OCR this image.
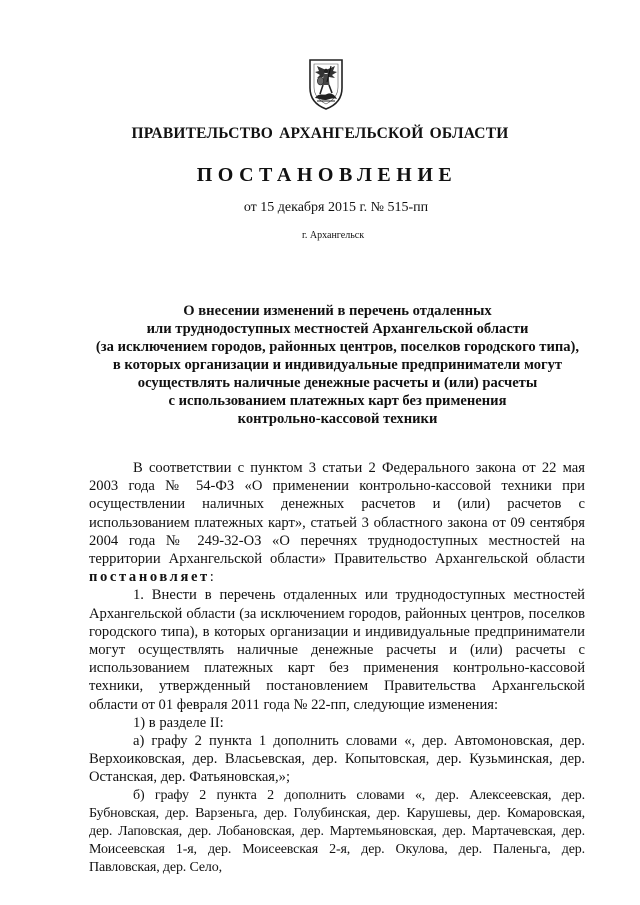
ПРАВИТЕЛЬСТВО АРХАНГЕЛЬСКОЙ ОБЛАСТИ
ПОСТАНОВЛЕНИЕ
от 15 декабря 2015 г. № 515-пп
г. Архангельск
О внесении изменений в перечень отдаленных
или труднодоступных местностей Архангельской области
(за исключением городов, районных центров, поселков городского типа),
в которых организации и индивидуальные предприниматели могут
осуществлять наличные денежные расчеты и (или) расчеты
с использованием платежных карт без применения
контрольно-кассовой техники

В соответствии с пунктом 3 статьи 2 Федерального закона от 22 мая 2003 года № 54-ФЗ «О применении контрольно-кассовой техники при осуществлении наличных денежных расчетов и (или) расчетов с использованием платежных карт», статьей 3 областного закона от 09 сентября 2004 года № 249-32-ОЗ «О перечнях труднодоступных местностей на территории Архангельской области» Правительство Архангельской области постановляет:

1. Внести в перечень отдаленных или труднодоступных местностей Архангельской области (за исключением городов, районных центров, поселков городского типа), в которых организации и индивидуальные предприниматели могут осуществлять наличные денежные расчеты и (или) расчеты с использованием платежных карт без применения контрольно-кассовой техники, утвержденный постановлением Правительства Архангельской области от 01 февраля 2011 года № 22-пп, следующие изменения:

1) в разделе II:

а) графу 2 пункта 1 дополнить словами «, дер. Автомоновская, дер. Верхоиковская, дер. Власьевская, дер. Копытовская, дер. Кузьминская, дер. Останская, дер. Фатьяновская,»;

б) графу 2 пункта 2 дополнить словами «, дер. Алексеевская, дер. Бубновская, дер. Варзеньга, дер. Голубинская, дер. Карушевы, дер. Комаровская, дер. Лаповская, дер. Лобановская, дер. Мартемьяновская, дер. Мартачевская, дер. Моисеевская 1-я, дер. Моисеевская 2-я, дер. Окулова, дер. Паленьга, дер. Павловская, дер. Село,
